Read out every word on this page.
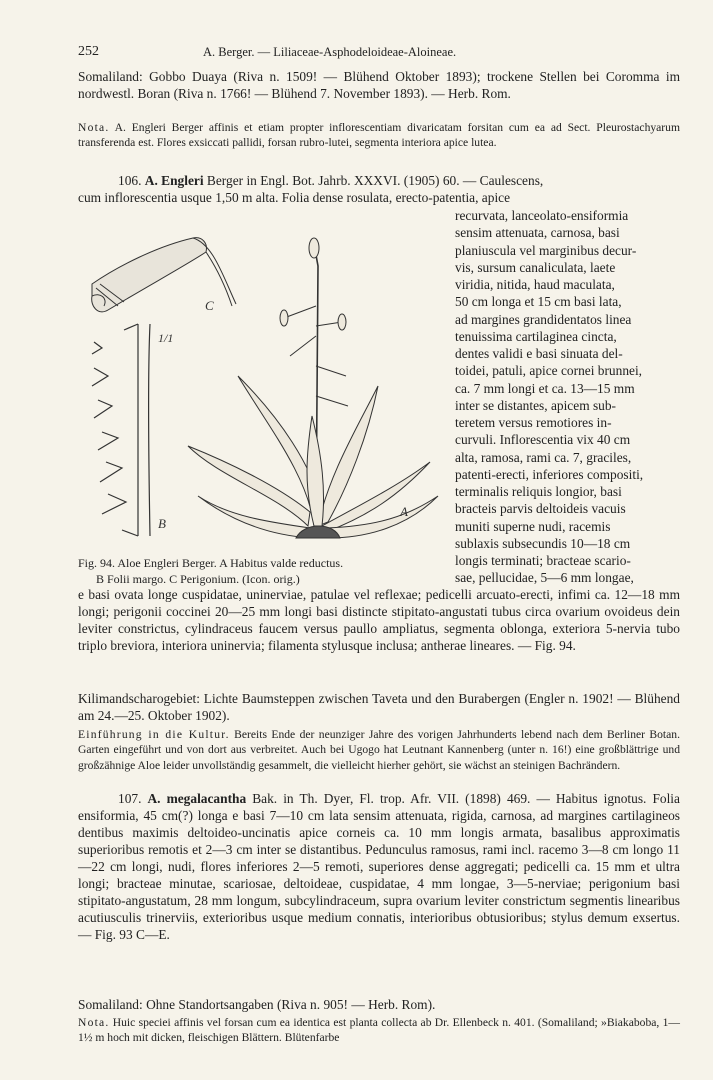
252	A. Berger. — Liliaceae-Asphodeloideae-Aloineae.
Somaliland: Gobbo Duaya (Riva n. 1509! — Blühend Oktober 1893); trockene Stellen bei Coromma im nordwestl. Boran (Riva n. 1766! — Blühend 7. November 1893). — Herb. Rom.
Nota. A. Engleri Berger affinis et etiam propter inflorescentiam divaricatam forsitan cum ea ad Sect. Pleurostachyarum transferenda est. Flores exsiccati pallidi, forsan rubro-lutei, segmenta interiora apice lutea.
106. A. Engleri Berger in Engl. Bot. Jahrb. XXXVI. (1905) 60. — Caulescens,
cum inflorescentia usque 1,50 m alta. Folia dense rosulata, erecto-patentia, apice
recurvata, lanceolato-ensiformia
sensim attenuata, carnosa, basi
planiuscula vel marginibus decur-
vis, sursum canaliculata, laete
viridia, nitida, haud maculata,
50 cm longa et 15 cm basi lata,
ad margines grandidentatos linea
tenuissima cartilaginea cincta,
dentes validi e basi sinuata del-
toidei, patuli, apice cornei brunnei,
ca. 7 mm longi et ca. 13—15 mm
inter se distantes, apicem sub-
teretem versus remotiores in-
curvuli. Inflorescentia vix 40 cm
alta, ramosa, rami ca. 7, graciles,
patenti-erecti, inferiores compositi,
terminalis reliquis longior, basi
bracteis parvis deltoideis vacuis
muniti superne nudi, racemis
sublaxis subsecundis 10—18 cm
longis terminati; bracteae scario-
sae, pellucidae, 5—6 mm longae,
C
1/1
B
A
Fig. 94. Aloe Engleri Berger. A Habitus valde reductus.
B Folii margo. C Perigonium. (Icon. orig.)
e basi ovata longe cuspidatae, uninerviae, patulae vel reflexae; pedicelli arcuato-erecti, infimi ca. 12—18 mm longi; perigonii coccinei 20—25 mm longi basi distincte stipitato-angustati tubus circa ovarium ovoideus dein leviter constrictus, cylindraceus faucem versus paullo ampliatus, segmenta oblonga, exteriora 5-nervia tubo triplo breviora, interiora uninervia; filamenta stylusque inclusa; antherae lineares. — Fig. 94.
Kilimandscharogebiet: Lichte Baumsteppen zwischen Taveta und den Burabergen (Engler n. 1902! — Blühend am 24.—25. Oktober 1902).
Einführung in die Kultur. Bereits Ende der neunziger Jahre des vorigen Jahrhunderts lebend nach dem Berliner Botan. Garten eingeführt und von dort aus verbreitet. Auch bei Ugogo hat Leutnant Kannenberg (unter n. 16!) eine großblättrige und großzähnige Aloe leider unvollständig gesammelt, die vielleicht hierher gehört, sie wächst an steinigen Bachrändern.
107. A. megalacantha Bak. in Th. Dyer, Fl. trop. Afr. VII. (1898) 469. — Habitus ignotus. Folia ensiformia, 45 cm(?) longa e basi 7—10 cm lata sensim attenuata, rigida, carnosa, ad margines cartilagineos dentibus maximis deltoideo-uncinatis apice corneis ca. 10 mm longis armata, basalibus approximatis superioribus remotis et 2—3 cm inter se distantibus. Pedunculus ramosus, rami incl. racemo 3—8 cm longo 11—22 cm longi, nudi, flores inferiores 2—5 remoti, superiores dense aggregati; pedicelli ca. 15 mm et ultra longi; bracteae minutae, scariosae, deltoideae, cuspidatae, 4 mm longae, 3—5-nerviae; perigonium basi stipitato-angustatum, 28 mm longum, subcylindraceum, supra ovarium leviter constrictum segmentis linearibus acutiusculis trinerviis, exterioribus usque medium connatis, interioribus obtusioribus; stylus demum exsertus. — Fig. 93 C—E.
Somaliland: Ohne Standortsangaben (Riva n. 905! — Herb. Rom).
Nota. Huic speciei affinis vel forsan cum ea identica est planta collecta ab Dr. Ellenbeck n. 401. (Somaliland; »Biakaboba, 1—1½ m hoch mit dicken, fleischigen Blättern. Blütenfarbe
